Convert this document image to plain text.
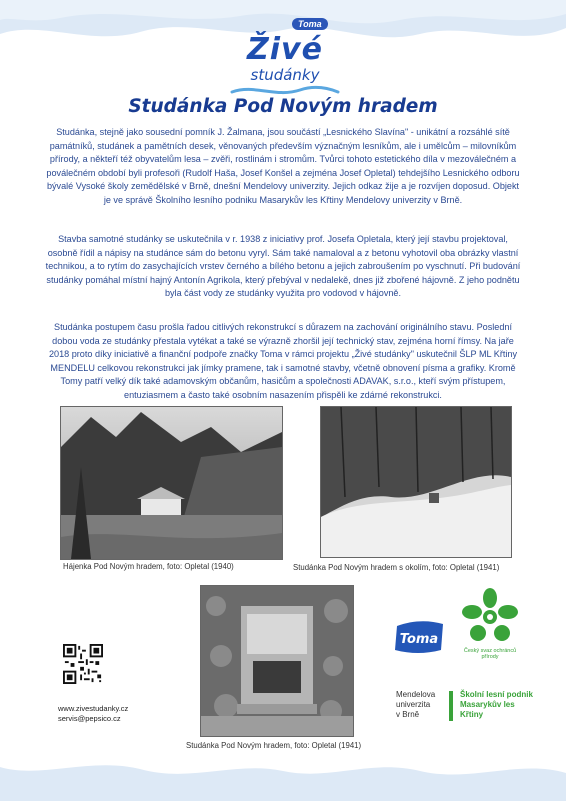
Toma
Živé
studánky
Studánka Pod Novým hradem

Studánka, stejně jako sousední pomník J. Žalmana, jsou součástí „Lesnického Slavína" - unikátní a rozsáhlé sítě památníků, studánek a pamětních desek, věnovaných především význačným lesníkům, ale i umělcům – milovníkům přírody, a někteří též obyvatelům lesa – zvěři, rostlinám i stromům. Tvůrci tohoto estetického díla v mezoválečném a poválečném období byli profesoři (Rudolf Haša, Josef Konšel a zejména Josef Opletal) tehdejšího Lesnického odboru bývalé Vysoké školy zemědělské v Brně, dnešní Mendelovy univerzity. Jejich odkaz žije a je rozvíjen doposud. Objekt je ve správě Školního lesního podniku Masarykův les Křtiny Mendelovy univerzity v Brně.

Stavba samotné studánky se uskutečnila v r. 1938 z iniciativy prof. Josefa Opletala, který její stavbu projektoval, osobně řídil a nápisy na studánce sám do betonu vyryl. Sám také namaloval a z betonu vyhotovil oba obrázky vlastní technikou, a to rytím do zasychajících vrstev černého a bílého betonu a jejich zabroušením po vyschnutí. Při budování studánky pomáhal místní hajný Antonín Agrikola, který přebýval v nedalekě, dnes již zbořené hájovně. Z jeho podnětu byla část vody ze studánky využita pro vodovod v hájovně.

Studánka postupem času prošla řadou citlivých rekonstrukcí s důrazem na zachování originálního stavu. Poslední dobou voda ze studánky přestala vytékat a také se výrazně zhoršil její technický stav, zejména horní římsy. Na jaře 2018 proto díky iniciativě a finanční podpoře značky Toma v rámci projektu „Živé studánky" uskutečnil ŠLP ML Křtiny MENDELU celkovou rekonstrukci jak jímky pramene, tak i samotné stavby, včetně obnovení písma a grafiky. Kromě Tomy patří velký dík také adamovským občanům, hasičům a společnosti ADAVAK, s.r.o., kteří svým přístupem, entuziasmem a často také osobním nasazením přispěli ke zdárné rekonstrukci.

Hájenka Pod Novým hradem, foto: Opletal (1940)	Studánka Pod Novým hradem s okolím, foto: Opletal (1941)
Studánka Pod Novým hradem, foto: Opletal (1941)
www.zivestudanky.cz
servis@pepsico.cz
Toma
Český svaz ochránců přírody
Mendelova
univerzita
v Brně
Školní lesní podnik
Masarykův les
Křtiny
